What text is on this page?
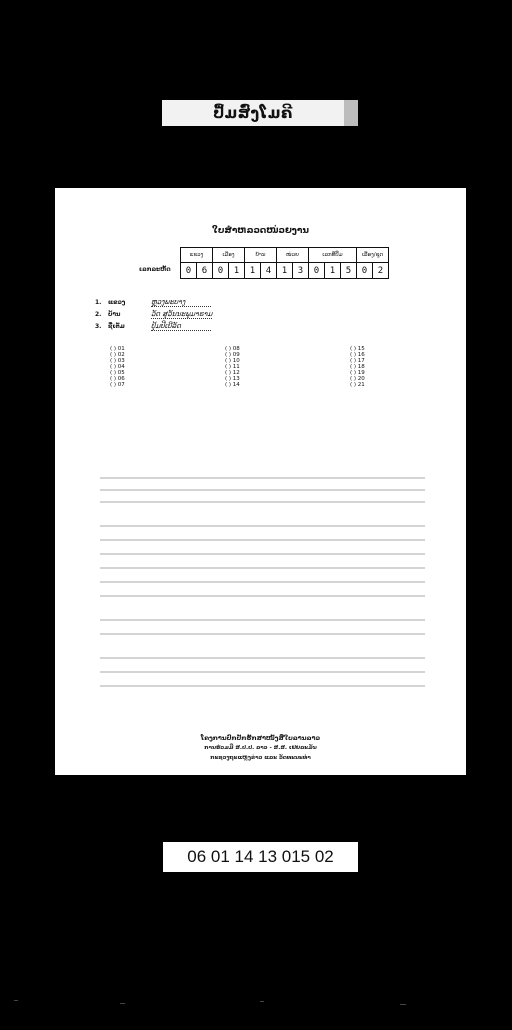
ປຶ້ມສົ່ງໂມຄີ
ໃບສຳຫລວດໜ່ວຍງານ
ເລກລະຫັດ
ແຂວງ		ເມືອງ		ບ້ານ		ໜ່ວຍ		ເລກທີ່ປຶ້ມ			ເລື່ອງ/ຊຸດ	
0	6	0	1	1	4	1	3	0	1	5	0	2
1. ແຂວງ	ຫຼວງພະບາງ
2. ບ້ານ	ວັດ ສຸວັນນະພູມາຣາມ
3. ຊື່ເຕັມ	ປຸ້ມປີເບີລັດ
( ) 01
( ) 02
( ) 03
( ) 04
( ) 05
( ) 06
( ) 07
( ) 08
( ) 09
( ) 10
( ) 11
( ) 12
( ) 13
( ) 14
( ) 15
( ) 16
( ) 17
( ) 18
( ) 19
( ) 20
( ) 21
ໂຄງການປົກປັກຮັກສາໜັງສືໃບລານລາວ
ການຮ່ວມມື ສ.ປ.ປ. ລາວ - ສ.ສ. ເຢຍລະມັນ
ກະຊວງຖະແຫຼງຂ່າວ ແລະ ວັດທະນະທຳ
06 01 14 13 015 02
